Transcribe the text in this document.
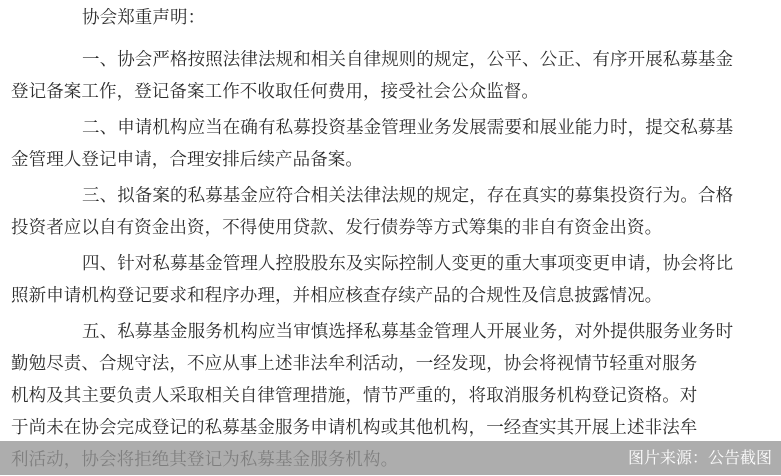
协会郑重声明：
一、协会严格按照法律法规和相关自律规则的规定，公平、公正、有序开展私募基金
登记备案工作，登记备案工作不收取任何费用，接受社会公众监督。
二、申请机构应当在确有私募投资基金管理业务发展需要和展业能力时，提交私募基
金管理人登记申请，合理安排后续产品备案。
三、拟备案的私募基金应符合相关法律法规的规定，存在真实的募集投资行为。合格
投资者应以自有资金出资，不得使用贷款、发行债券等方式筹集的非自有资金出资。
四、针对私募基金管理人控股股东及实际控制人变更的重大事项变更申请，协会将比
照新申请机构登记要求和程序办理，并相应核查存续产品的合规性及信息披露情况。
五、私募基金服务机构应当审慎选择私募基金管理人开展业务，对外提供服务业务时
勤勉尽责、合规守法，不应从事上述非法牟利活动，一经发现，协会将视情节轻重对服务
机构及其主要负责人采取相关自律管理措施，情节严重的，将取消服务机构登记资格。对
于尚未在协会完成登记的私募基金服务申请机构或其他机构，一经查实其开展上述非法牟
图片来源：公告截图
